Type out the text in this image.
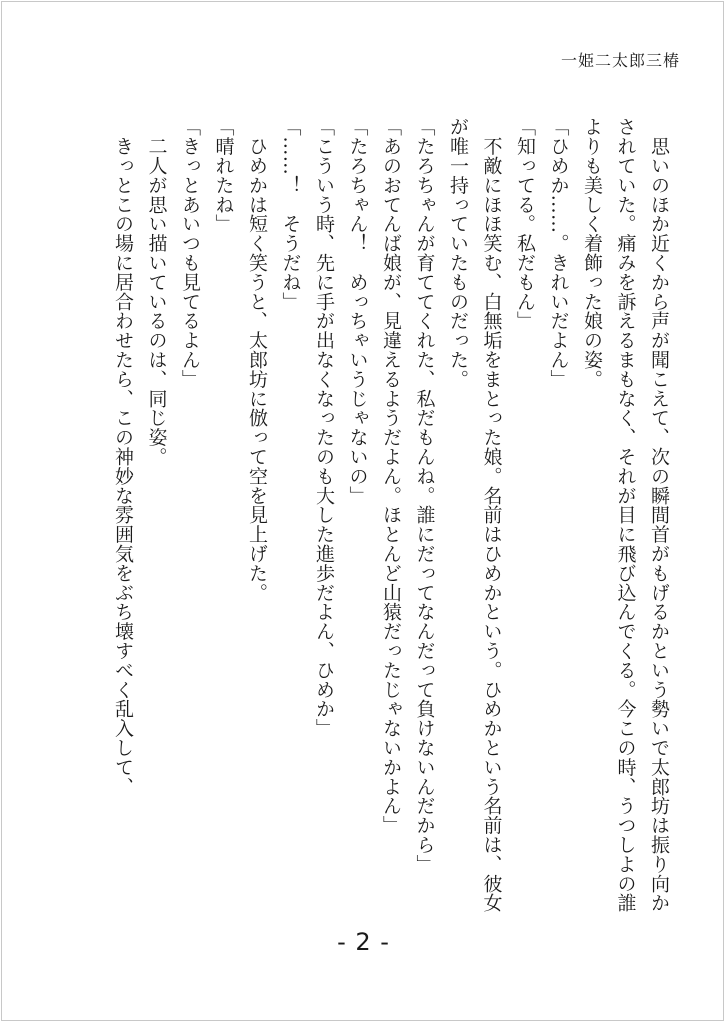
一姫二太郎三椿

　思いのほか近くから声が聞こえて、次の瞬間首がもげるかという勢いで太郎坊は振り向かされていた。痛みを訴えるまもなく、それが目に飛び込んでくる。今この時、うつしよの誰よりも美しく着飾った娘の姿。

「ひめか……。きれいだよん」

「知ってる。私だもん」

　不敵にほほ笑む、白無垢をまとった娘。名前はひめかという。ひめかという名前は、彼女が唯一持っていたものだった。

「たろちゃんが育ててくれた、私だもんね。誰にだってなんだって負けないんだから」

「あのおてんば娘が、見違えるようだよん。ほとんど山猿だったじゃないかよん」

「たろちゃん！　めっちゃいうじゃないの」

「こういう時、先に手が出なくなったのも大した進歩だよん、ひめか」

「……！　そうだね」

　ひめかは短く笑うと、太郎坊に倣って空を見上げた。

「晴れたね」

「きっとあいつも見てるよん」

　二人が思い描いているのは、同じ姿。

　きっとこの場に居合わせたら、この神妙な雰囲気をぶち壊すべく乱入して、

- 2 -
